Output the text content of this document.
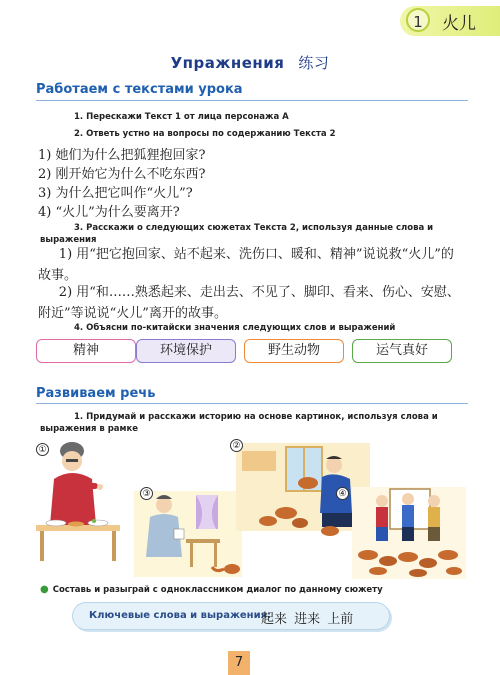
1	火儿
Упражнения 练习
Работаем с текстами урока
1. Перескажи Текст 1 от лица персонажа А
2. Ответь устно на вопросы по содержанию Текста 2
1) 她们为什么把狐狸抱回家?
2) 刚开始它为什么不吃东西?
3) 为什么把它叫作“火儿”?
4) “火儿”为什么要离开?
3. Расскажи о следующих сюжетах Текста 2, используя данные слова и выражения
1) 用“把它抱回家、站不起来、洗伤口、暖和、精神”说说救“火儿”的故事。
2) 用“和……熟悉起来、走出去、不见了、脚印、看来、伤心、安慰、附近”等说说“火儿”离开的故事。
4. Объясни по-китайски значения следующих слов и выражений
精神	环境保护	野生动物	运气真好
Развиваем речь
1. Придумай и расскажи историю на основе картинок, используя слова и выражения в рамке
①	②
③	④
● Составь и разыграй с одноклассником диалог по данному сюжету
Ключевые слова и выражения:
起来 进来 上前
7
